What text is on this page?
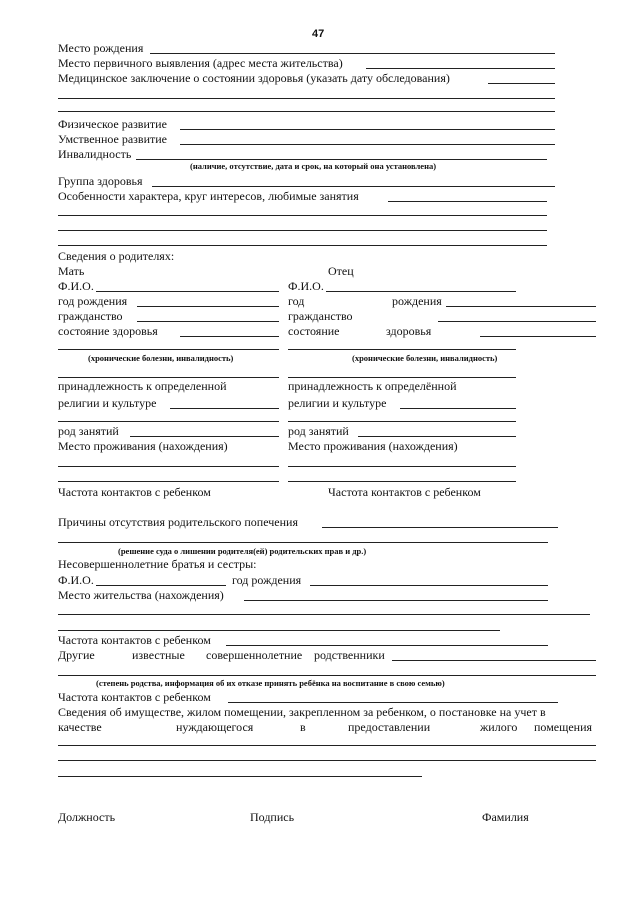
47
Место рождения
Место первичного выявления (адрес места жительства)
Медицинское заключение о состоянии здоровья (указать дату обследования)
Физическое развитие
Умственное развитие
Инвалидность
(наличие, отсутствие, дата и срок, на который она установлена)
Группа здоровья
Особенности характера, круг интересов, любимые занятия
Сведения о родителях:
Мать	Отец
Ф.И.О.	Ф.И.О.
год рождения	год	рождения
гражданство	гражданство
состояние здоровья	состояние	здоровья
(хронические болезни, инвалидность)	(хронические болезни, инвалидность)
принадлежность к определенной	принадлежность к определённой
религии и культуре	религии и культуре
род занятий	род занятий
Место проживания (нахождения)	Место проживания (нахождения)
Частота контактов с ребенком	Частота контактов с ребенком
Причины отсутствия родительского попечения
(решение суда о лишении родителя(ей) родительских прав и др.)
Несовершеннолетние братья и сестры:
Ф.И.О.	год рождения
Место жительства (нахождения)
Частота контактов с ребенком
Другие	известные совершеннолетние родственники
(степень родства, информация об их отказе принять ребёнка на воспитание в свою семью)
Частота контактов с ребенком
Сведения об имуществе, жилом помещении, закрепленном за ребенком, о постановке на учет в
качестве	нуждающегося	в	предоставлении	жилого помещения
Должность	Подпись	Фамилия
